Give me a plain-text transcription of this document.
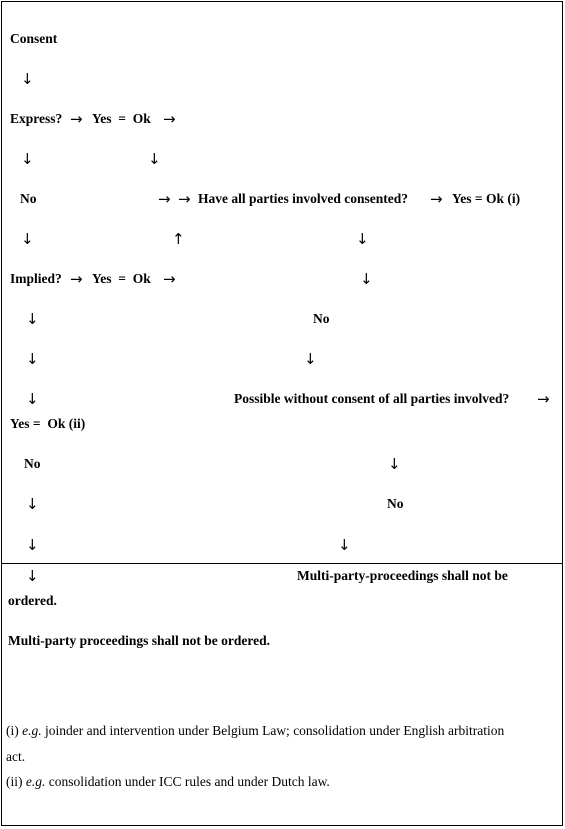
Consent
↓
Express? → Yes  =  Ok →
↓	↓
No	→ → Have all parties involved consented? → Yes = Ok (i)
↓	↑	↓
Implied? → Yes  =  Ok →	↓
↓	No
↓	↓
↓	Possible without consent of all parties involved? →
Yes =  Ok (ii)
No	↓
↓	No
↓	↓
↓	Multi-party-proceedings shall not be
ordered.
Multi-party proceedings shall not be ordered.
(i) e.g. joinder and intervention under Belgium Law; consolidation under English arbitration
act.
(ii) e.g. consolidation under ICC rules and under Dutch law.
